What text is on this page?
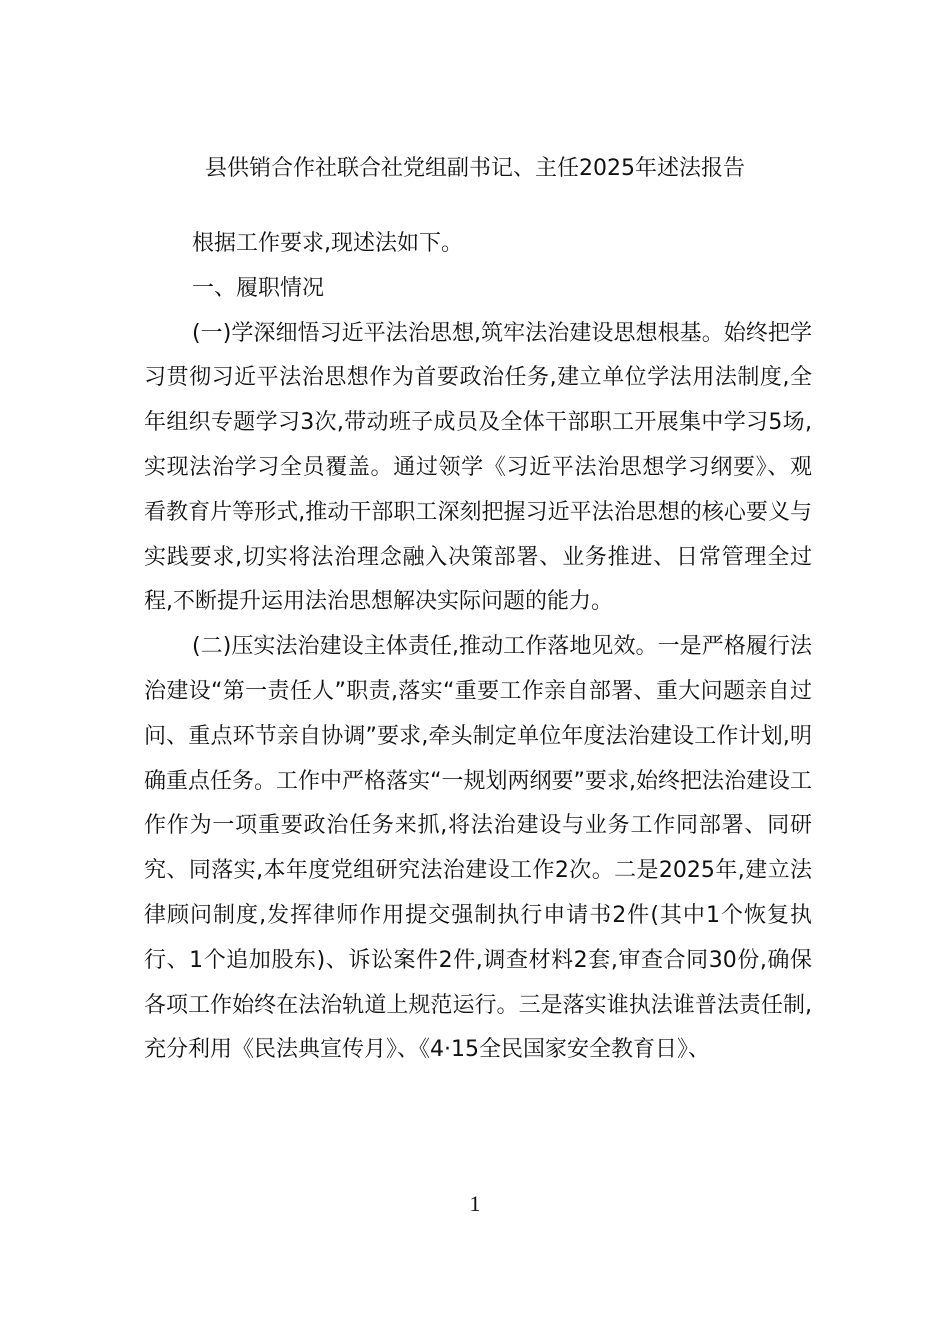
县供销合作社联合社党组副书记、主任2025年述法报告

根据工作要求,现述法如下。

一、履职情况

(一)学深细悟习近平法治思想,筑牢法治建设思想根基。始终把学习贯彻习近平法治思想作为首要政治任务,建立单位学法用法制度,全年组织专题学习3次,带动班子成员及全体干部职工开展集中学习5场,实现法治学习全员覆盖。通过领学《习近平法治思想学习纲要》、观看教育片等形式,推动干部职工深刻把握习近平法治思想的核心要义与实践要求,切实将法治理念融入决策部署、业务推进、日常管理全过程,不断提升运用法治思想解决实际问题的能力。

(二)压实法治建设主体责任,推动工作落地见效。一是严格履行法治建设“第一责任人”职责,落实“重要工作亲自部署、重大问题亲自过问、重点环节亲自协调”要求,牵头制定单位年度法治建设工作计划,明确重点任务。工作中严格落实“一规划两纲要”要求,始终把法治建设工作作为一项重要政治任务来抓,将法治建设与业务工作同部署、同研究、同落实,本年度党组研究法治建设工作2次。二是2025年,建立法律顾问制度,发挥律师作用提交强制执行申请书2件(其中1个恢复执行、1个追加股东)、诉讼案件2件,调查材料2套,审查合同30份,确保各项工作始终在法治轨道上规范运行。三是落实谁执法谁普法责任制,充分利用《民法典宣传月》、《4·15全民国家安全教育日》、

1
